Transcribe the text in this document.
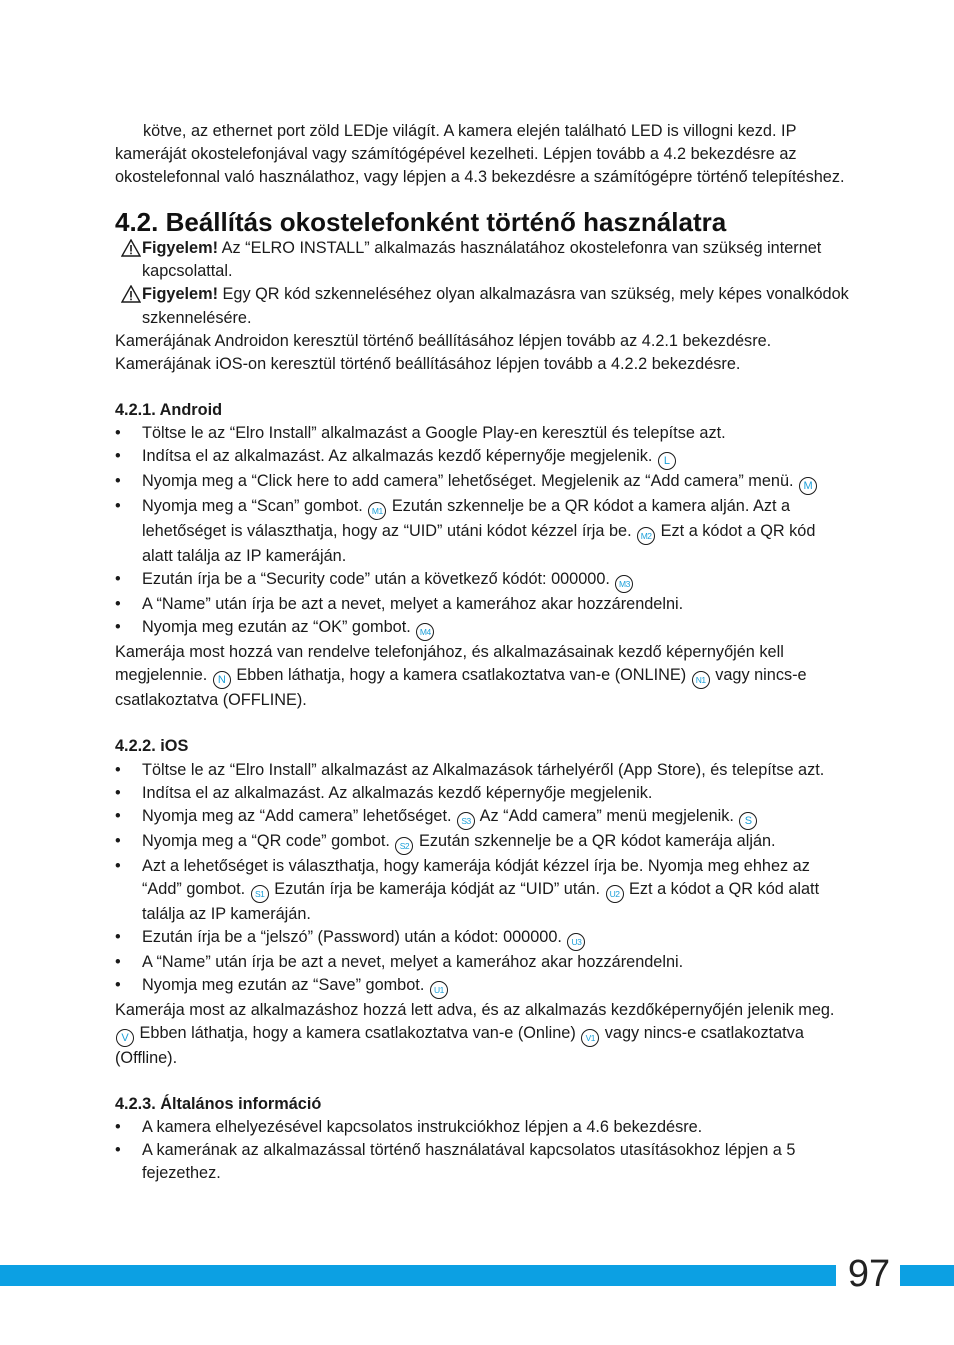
kötve, az ethernet port zöld LEDje világít. A kamera elején található LED is villogni kezd. IP kameráját okostelefonjával vagy számítógépével kezelheti. Lépjen tovább a 4.2 bekezdésre az okostelefonnal való használathoz, vagy lépjen a 4.3 bekezdésre a számítógépre történő telepítéshez.

4.2. Beállítás okostelefonként történő használatra
Figyelem! Az “ELRO INSTALL” alkalmazás használatához okostelefonra van szükség internet kapcsolattal.
Figyelem! Egy QR kód szkenneléséhez olyan alkalmazásra van szükség, mely képes vonalkódok szkennelésére.

Kamerájának Androidon keresztül történő beállításához lépjen tovább az 4.2.1 bekezdésre.

Kamerájának iOS-on keresztül történő beállításához lépjen tovább a 4.2.2 bekezdésre.

4.2.1. Android
• Töltse le az “Elro Install” alkalmazást a Google Play-en keresztül és telepítse azt.
• Indítsa el az alkalmazást. Az alkalmazás kezdő képernyője megjelenik. L
• Nyomja meg a “Click here to add camera” lehetőséget. Megjelenik az “Add camera” menü. M
• Nyomja meg a “Scan” gombot. M1 Ezután szkennelje be a QR kódot a kamera alján. Azt a lehetőséget is választhatja, hogy az “UID” utáni kódot kézzel írja be. M2 Ezt a kódot a QR kód alatt találja az IP kameráján.
• Ezután írja be a “Security code” után a következő kódót: 000000. M3
• A “Name” után írja be azt a nevet, melyet a kamerához akar hozzárendelni.
• Nyomja meg ezután az “OK” gombot. M4

Kamerája most hozzá van rendelve telefonjához, és alkalmazásainak kezdő képernyőjén kell megjelennie. N Ebben láthatja, hogy a kamera csatlakoztatva van-e (ONLINE) N1 vagy nincs-e csatlakoztatva (OFFLINE).

4.2.2. iOS
• Töltse le az “Elro Install” alkalmazást az Alkalmazások tárhelyéről (App Store), és telepítse azt.
• Indítsa el az alkalmazást. Az alkalmazás kezdő képernyője megjelenik.
• Nyomja meg az “Add camera” lehetőséget. S3 Az “Add camera” menü megjelenik. S
• Nyomja meg a “QR code” gombot. S2 Ezután szkennelje be a QR kódot kamerája alján.
• Azt a lehetőséget is választhatja, hogy kamerája kódját kézzel írja be. Nyomja meg ehhez az “Add” gombot. S1 Ezután írja be kamerája kódját az “UID” után. U2 Ezt a kódot a QR kód alatt találja az IP kameráján.
• Ezután írja be a “jelszó” (Password) után a kódot: 000000. U3
• A “Name” után írja be azt a nevet, melyet a kamerához akar hozzárendelni.
• Nyomja meg ezután az “Save” gombot. U1

Kamerája most az alkalmazáshoz hozzá lett adva, és az alkalmazás kezdőképernyőjén jelenik meg. V Ebben láthatja, hogy a kamera csatlakoztatva van-e (Online) V1 vagy nincs-e csatlakoztatva (Offline).

4.2.3. Általános információ
• A kamera elhelyezésével kapcsolatos instrukciókhoz lépjen a 4.6 bekezdésre.
• A kamerának az alkalmazással történő használatával kapcsolatos utasításokhoz lépjen a 5 fejezethez.
97
